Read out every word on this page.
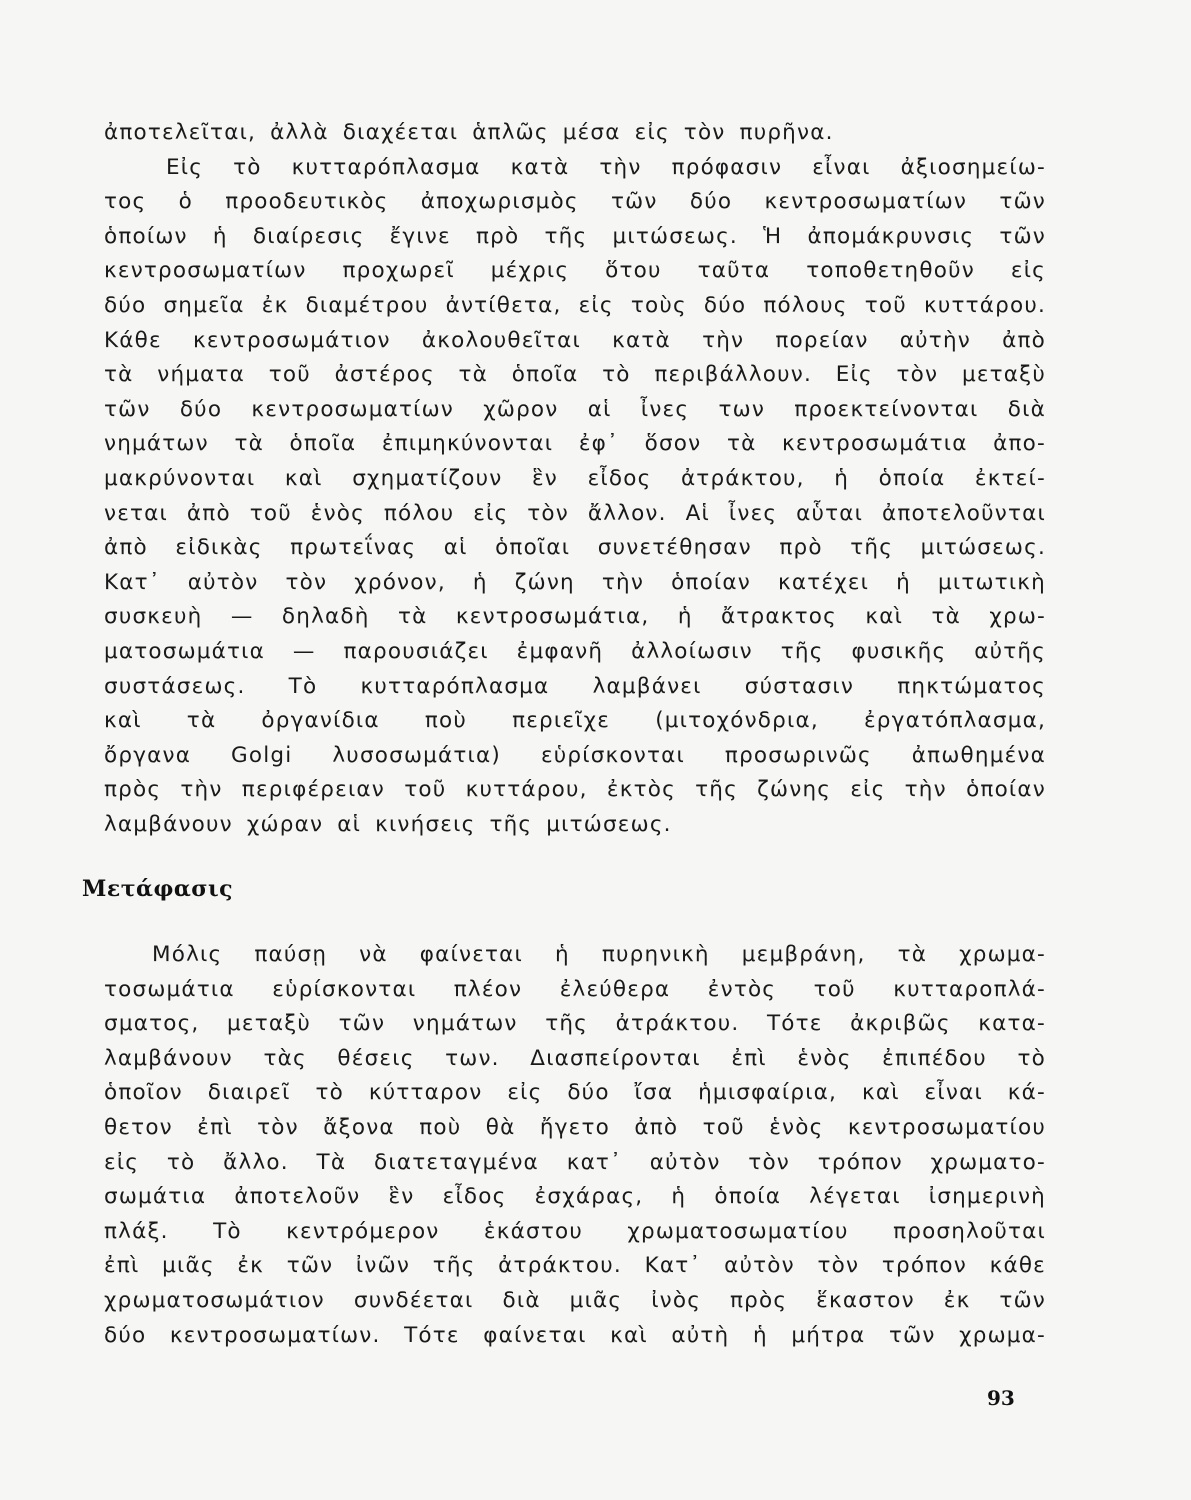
ἀποτελεῖται, ἀλλὰ διαχέεται ἁπλῶς μέσα εἰς τὸν πυρῆνα.
Εἰς τὸ κυτταρόπλασμα κατὰ τὴν πρόφασιν εἶναι ἀξιοσημείω-
τος ὁ προοδευτικὸς ἀποχωρισμὸς τῶν δύο κεντροσωματίων τῶν
ὁποίων ἡ διαίρεσις ἔγινε πρὸ τῆς μιτώσεως. Ἡ ἀπομάκρυνσις τῶν
κεντροσωματίων προχωρεῖ μέχρις ὅτου ταῦτα τοποθετηθοῦν εἰς
δύο σημεῖα ἐκ διαμέτρου ἀντίθετα, εἰς τοὺς δύο πόλους τοῦ κυττάρου.
Κάθε κεντροσωμάτιον ἀκολουθεῖται κατὰ τὴν πορείαν αὐτὴν ἀπὸ
τὰ νήματα τοῦ ἀστέρος τὰ ὁποῖα τὸ περιβάλλουν. Εἰς τὸν μεταξὺ
τῶν δύο κεντροσωματίων χῶρον αἱ ἶνες των προεκτείνονται διὰ
νημάτων τὰ ὁποῖα ἐπιμηκύνονται ἐφ᾽ ὅσον τὰ κεντροσωμάτια ἀπο-
μακρύνονται καὶ σχηματίζουν ἓν εἶδος ἀτράκτου, ἡ ὁποία ἐκτεί-
νεται ἀπὸ τοῦ ἑνὸς πόλου εἰς τὸν ἄλλον. Αἱ ἶνες αὗται ἀποτελοῦνται
ἀπὸ εἰδικὰς πρωτεΐνας αἱ ὁποῖαι συνετέθησαν πρὸ τῆς μιτώσεως.
Κατ᾽ αὐτὸν τὸν χρόνον, ἡ ζώνη τὴν ὁποίαν κατέχει ἡ μιτωτικὴ
συσκευὴ — δηλαδὴ τὰ κεντροσωμάτια, ἡ ἄτρακτος καὶ τὰ χρω-
ματοσωμάτια — παρουσιάζει ἐμφανῆ ἀλλοίωσιν τῆς φυσικῆς αὐτῆς
συστάσεως. Τὸ κυτταρόπλασμα λαμβάνει σύστασιν πηκτώματος
καὶ τὰ ὀργανίδια ποὺ περιεῖχε (μιτοχόνδρια, ἐργατόπλασμα,
ὄργανα Golgi λυσοσωμάτια) εὑρίσκονται προσωρινῶς ἀπωθημένα
πρὸς τὴν περιφέρειαν τοῦ κυττάρου, ἐκτὸς τῆς ζώνης εἰς τὴν ὁποίαν
λαμβάνουν χώραν αἱ κινήσεις τῆς μιτώσεως.
Μετάφασις
Μόλις παύσῃ νὰ φαίνεται ἡ πυρηνικὴ μεμβράνη, τὰ χρωμα-
τοσωμάτια εὑρίσκονται πλέον ἐλεύθερα ἐντὸς τοῦ κυτταροπλά-
σματος, μεταξὺ τῶν νημάτων τῆς ἀτράκτου. Τότε ἀκριβῶς κατα-
λαμβάνουν τὰς θέσεις των. Διασπείρονται ἐπὶ ἑνὸς ἐπιπέδου τὸ
ὁποῖον διαιρεῖ τὸ κύτταρον εἰς δύο ἴσα ἡμισφαίρια, καὶ εἶναι κά-
θετον ἐπὶ τὸν ἄξονα ποὺ θὰ ἤγετο ἀπὸ τοῦ ἑνὸς κεντροσωματίου
εἰς τὸ ἄλλο. Τὰ διατεταγμένα κατ᾽ αὐτὸν τὸν τρόπον χρωματο-
σωμάτια ἀποτελοῦν ἓν εἶδος ἐσχάρας, ἡ ὁποία λέγεται ἰσημερινὴ
πλάξ. Τὸ κεντρόμερον ἑκάστου χρωματοσωματίου προσηλοῦται
ἐπὶ μιᾶς ἐκ τῶν ἰνῶν τῆς ἀτράκτου. Κατ᾽ αὐτὸν τὸν τρόπον κάθε
χρωματοσωμάτιον συνδέεται διὰ μιᾶς ἰνὸς πρὸς ἕκαστον ἐκ τῶν
δύο κεντροσωματίων. Τότε φαίνεται καὶ αὐτὴ ἡ μήτρα τῶν χρωμα-
93
